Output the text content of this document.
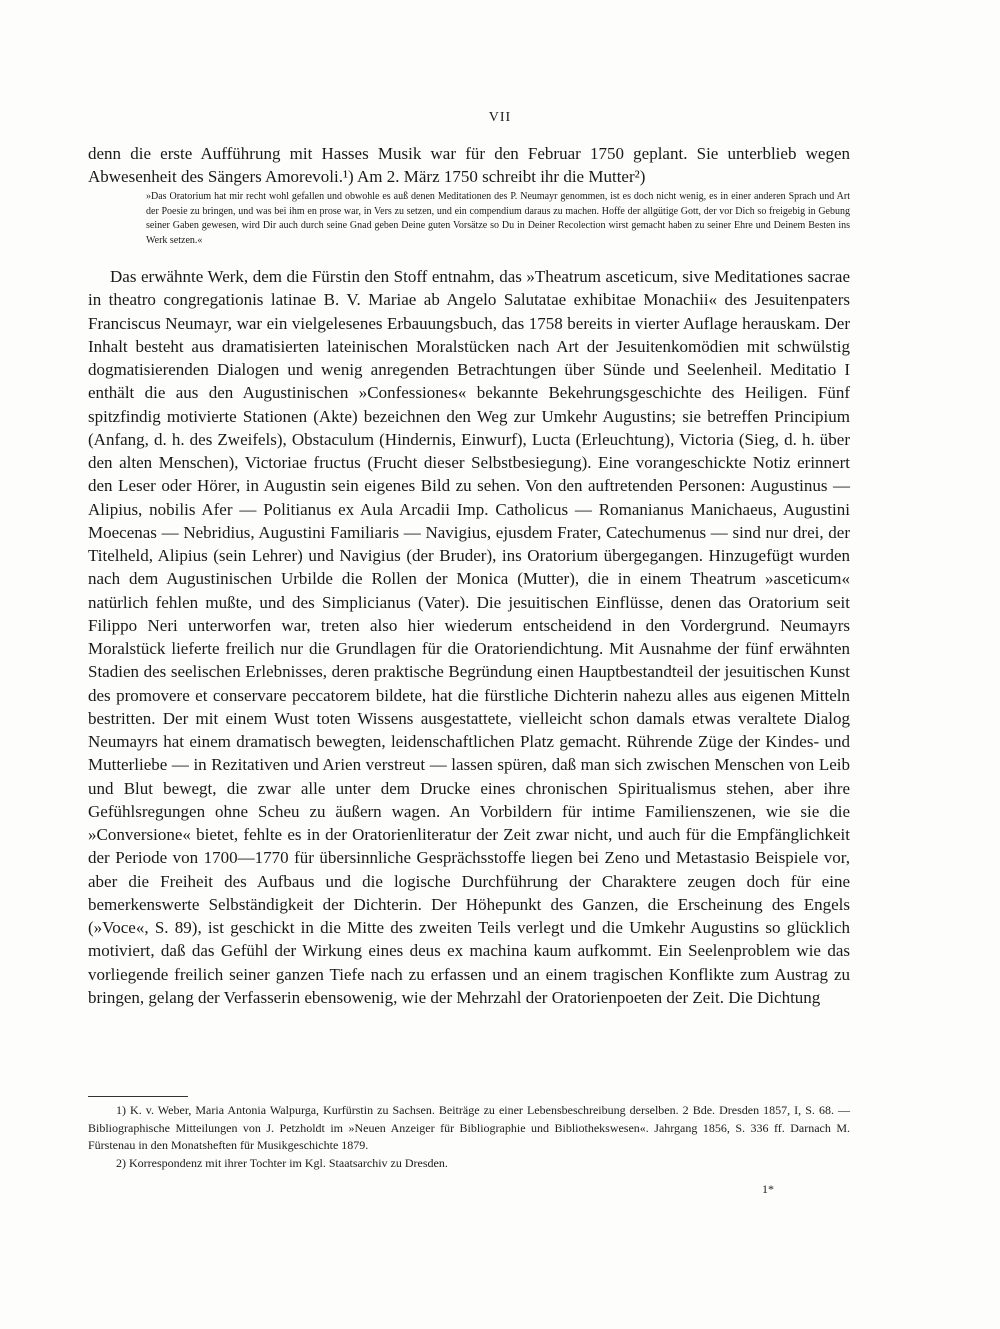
VII

denn die erste Aufführung mit Hasses Musik war für den Februar 1750 geplant. Sie unterblieb wegen Abwesenheit des Sängers Amorevoli.¹) Am 2. März 1750 schreibt ihr die Mutter²)

»Das Oratorium hat mir recht wohl gefallen und obwohle es auß denen Meditationen des P. Neumayr genommen, ist es doch nicht wenig, es in einer anderen Sprach und Art der Poesie zu bringen, und was bei ihm en prose war, in Vers zu setzen, und ein compendium daraus zu machen. Hoffe der allgütige Gott, der vor Dich so freigebig in Gebung seiner Gaben gewesen, wird Dir auch durch seine Gnad geben Deine guten Vorsätze so Du in Deiner Recolection wirst gemacht haben zu seiner Ehre und Deinem Besten ins Werk setzen.«

Das erwähnte Werk, dem die Fürstin den Stoff entnahm, das »Theatrum asceticum, sive Meditationes sacrae in theatro congregationis latinae B. V. Mariae ab Angelo Salutatae exhibitae Monachii« des Jesuitenpaters Franciscus Neumayr, war ein vielgelesenes Erbauungsbuch, das 1758 bereits in vierter Auflage herauskam. Der Inhalt besteht aus dramatisierten lateinischen Moralstücken nach Art der Jesuitenkomödien mit schwülstig dogmatisierenden Dialogen und wenig anregenden Betrachtungen über Sünde und Seelenheil. Meditatio I enthält die aus den Augustinischen »Confessiones« bekannte Bekehrungsgeschichte des Heiligen. Fünf spitzfindig motivierte Stationen (Akte) bezeichnen den Weg zur Umkehr Augustins; sie betreffen Principium (Anfang, d. h. des Zweifels), Obstaculum (Hindernis, Einwurf), Lucta (Erleuchtung), Victoria (Sieg, d. h. über den alten Menschen), Victoriae fructus (Frucht dieser Selbstbesiegung). Eine vorangeschickte Notiz erinnert den Leser oder Hörer, in Augustin sein eigenes Bild zu sehen. Von den auftretenden Personen: Augustinus — Alipius, nobilis Afer — Politianus ex Aula Arcadii Imp. Catholicus — Romanianus Manichaeus, Augustini Moecenas — Nebridius, Augustini Familiaris — Navigius, ejusdem Frater, Catechumenus — sind nur drei, der Titelheld, Alipius (sein Lehrer) und Navigius (der Bruder), ins Oratorium übergegangen. Hinzugefügt wurden nach dem Augustinischen Urbilde die Rollen der Monica (Mutter), die in einem Theatrum »asceticum« natürlich fehlen mußte, und des Simplicianus (Vater). Die jesuitischen Einflüsse, denen das Oratorium seit Filippo Neri unterworfen war, treten also hier wiederum entscheidend in den Vordergrund. Neumayrs Moralstück lieferte freilich nur die Grundlagen für die Oratoriendichtung. Mit Ausnahme der fünf erwähnten Stadien des seelischen Erlebnisses, deren praktische Begründung einen Hauptbestandteil der jesuitischen Kunst des promovere et conservare peccatorem bildete, hat die fürstliche Dichterin nahezu alles aus eigenen Mitteln bestritten. Der mit einem Wust toten Wissens ausgestattete, vielleicht schon damals etwas veraltete Dialog Neumayrs hat einem dramatisch bewegten, leidenschaftlichen Platz gemacht. Rührende Züge der Kindes- und Mutterliebe — in Rezitativen und Arien verstreut — lassen spüren, daß man sich zwischen Menschen von Leib und Blut bewegt, die zwar alle unter dem Drucke eines chronischen Spiritualismus stehen, aber ihre Gefühlsregungen ohne Scheu zu äußern wagen. An Vorbildern für intime Familienszenen, wie sie die »Conversione« bietet, fehlte es in der Oratorienliteratur der Zeit zwar nicht, und auch für die Empfänglichkeit der Periode von 1700—1770 für übersinnliche Gesprächsstoffe liegen bei Zeno und Metastasio Beispiele vor, aber die Freiheit des Aufbaus und die logische Durchführung der Charaktere zeugen doch für eine bemerkenswerte Selbständigkeit der Dichterin. Der Höhepunkt des Ganzen, die Erscheinung des Engels (»Voce«, S. 89), ist geschickt in die Mitte des zweiten Teils verlegt und die Umkehr Augustins so glücklich motiviert, daß das Gefühl der Wirkung eines deus ex machina kaum aufkommt. Ein Seelenproblem wie das vorliegende freilich seiner ganzen Tiefe nach zu erfassen und an einem tragischen Konflikte zum Austrag zu bringen, gelang der Verfasserin ebensowenig, wie der Mehrzahl der Oratorienpoeten der Zeit. Die Dichtung

1) K. v. Weber, Maria Antonia Walpurga, Kurfürstin zu Sachsen. Beiträge zu einer Lebensbeschreibung derselben. 2 Bde. Dresden 1857, I, S. 68. — Bibliographische Mitteilungen von J. Petzholdt im »Neuen Anzeiger für Bibliographie und Bibliothekswesen«. Jahrgang 1856, S. 336 ff. Darnach M. Fürstenau in den Monatsheften für Musikgeschichte 1879.

2) Korrespondenz mit ihrer Tochter im Kgl. Staatsarchiv zu Dresden.

1*
